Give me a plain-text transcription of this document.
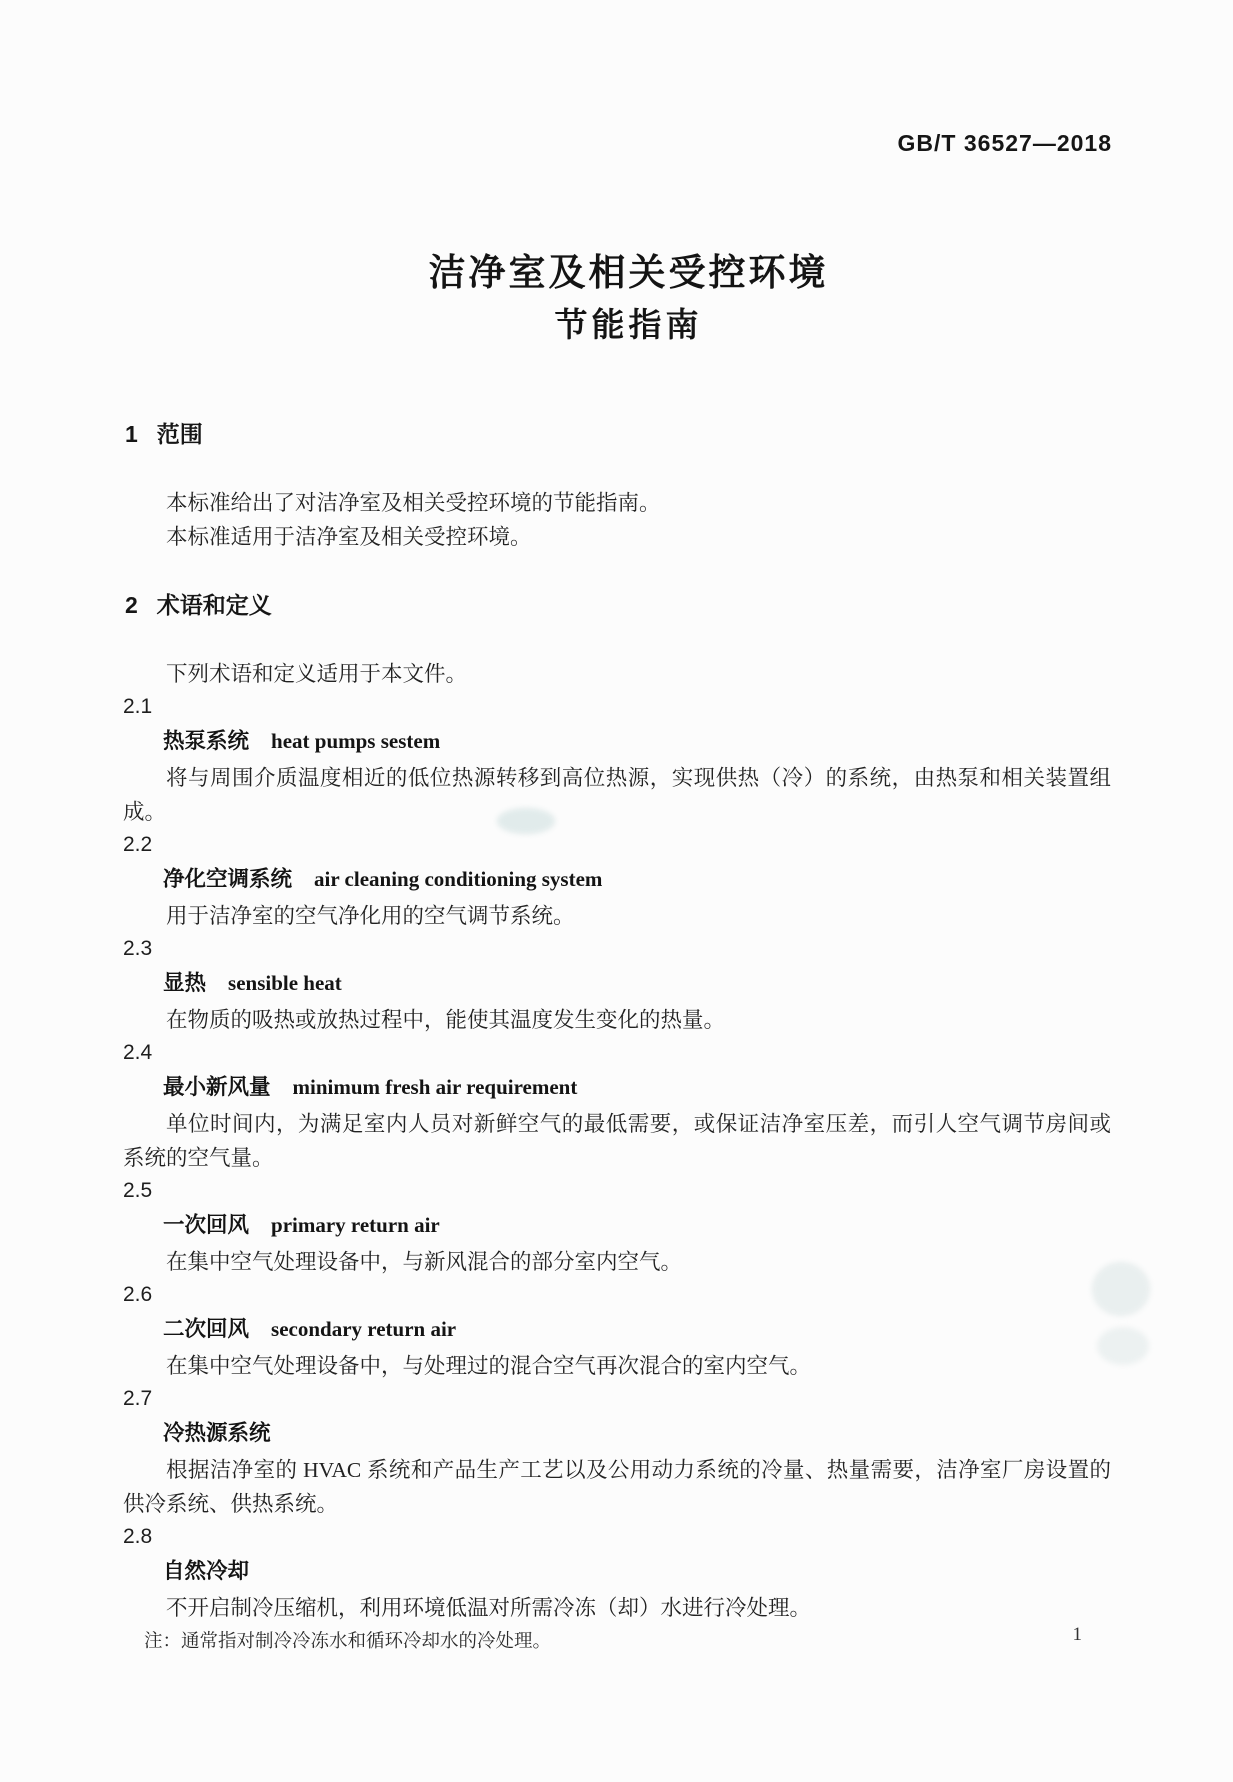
GB/T 36527—2018
洁净室及相关受控环境
节能指南
1 范围

本标准给出了对洁净室及相关受控环境的节能指南。

本标准适用于洁净室及相关受控环境。

2 术语和定义

下列术语和定义适用于本文件。

2.1
热泵系统 heat pumps sestem

将与周围介质温度相近的低位热源转移到高位热源，实现供热（冷）的系统，由热泵和相关装置组成。

2.2
净化空调系统 air cleaning conditioning system

用于洁净室的空气净化用的空气调节系统。

2.3
显热 sensible heat

在物质的吸热或放热过程中，能使其温度发生变化的热量。

2.4
最小新风量 minimum fresh air requirement

单位时间内，为满足室内人员对新鲜空气的最低需要，或保证洁净室压差，而引人空气调节房间或系统的空气量。

2.5
一次回风 primary return air

在集中空气处理设备中，与新风混合的部分室内空气。

2.6
二次回风 secondary return air

在集中空气处理设备中，与处理过的混合空气再次混合的室内空气。

2.7
冷热源系统

根据洁净室的 HVAC 系统和产品生产工艺以及公用动力系统的冷量、热量需要，洁净室厂房设置的供冷系统、供热系统。

2.8
自然冷却

不开启制冷压缩机，利用环境低温对所需冷冻（却）水进行冷处理。

注：通常指对制冷冷冻水和循环冷却水的冷处理。	1
